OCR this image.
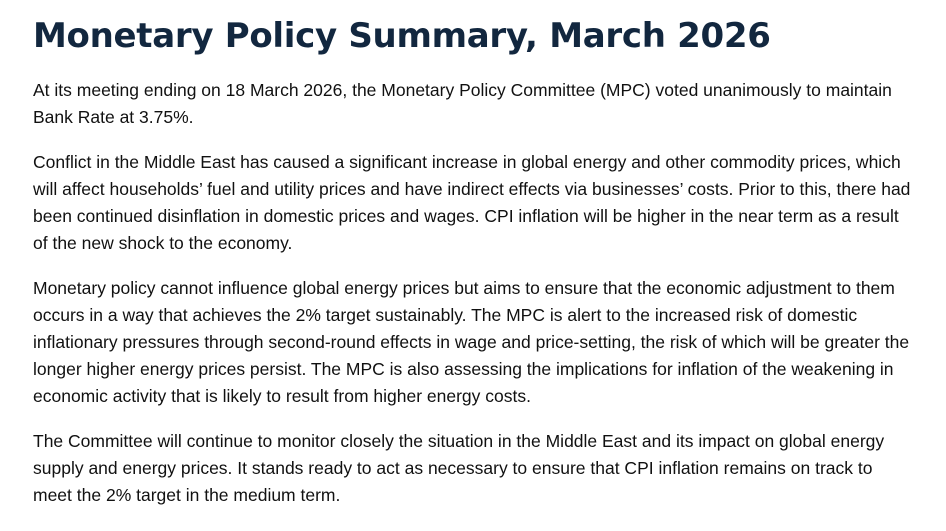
Monetary Policy Summary, March 2026

At its meeting ending on 18 March 2026, the Monetary Policy Committee (MPC) voted unanimously to maintain Bank Rate at 3.75%.

Conflict in the Middle East has caused a significant increase in global energy and other commodity prices, which will affect households’ fuel and utility prices and have indirect effects via businesses’ costs. Prior to this, there had been continued disinflation in domestic prices and wages. CPI inflation will be higher in the near term as a result of the new shock to the economy.

Monetary policy cannot influence global energy prices but aims to ensure that the economic adjustment to them occurs in a way that achieves the 2% target sustainably. The MPC is alert to the increased risk of domestic inflationary pressures through second-round effects in wage and price-setting, the risk of which will be greater the longer higher energy prices persist. The MPC is also assessing the implications for inflation of the weakening in economic activity that is likely to result from higher energy costs.

The Committee will continue to monitor closely the situation in the Middle East and its impact on global energy supply and energy prices. It stands ready to act as necessary to ensure that CPI inflation remains on track to meet the 2% target in the medium term.
